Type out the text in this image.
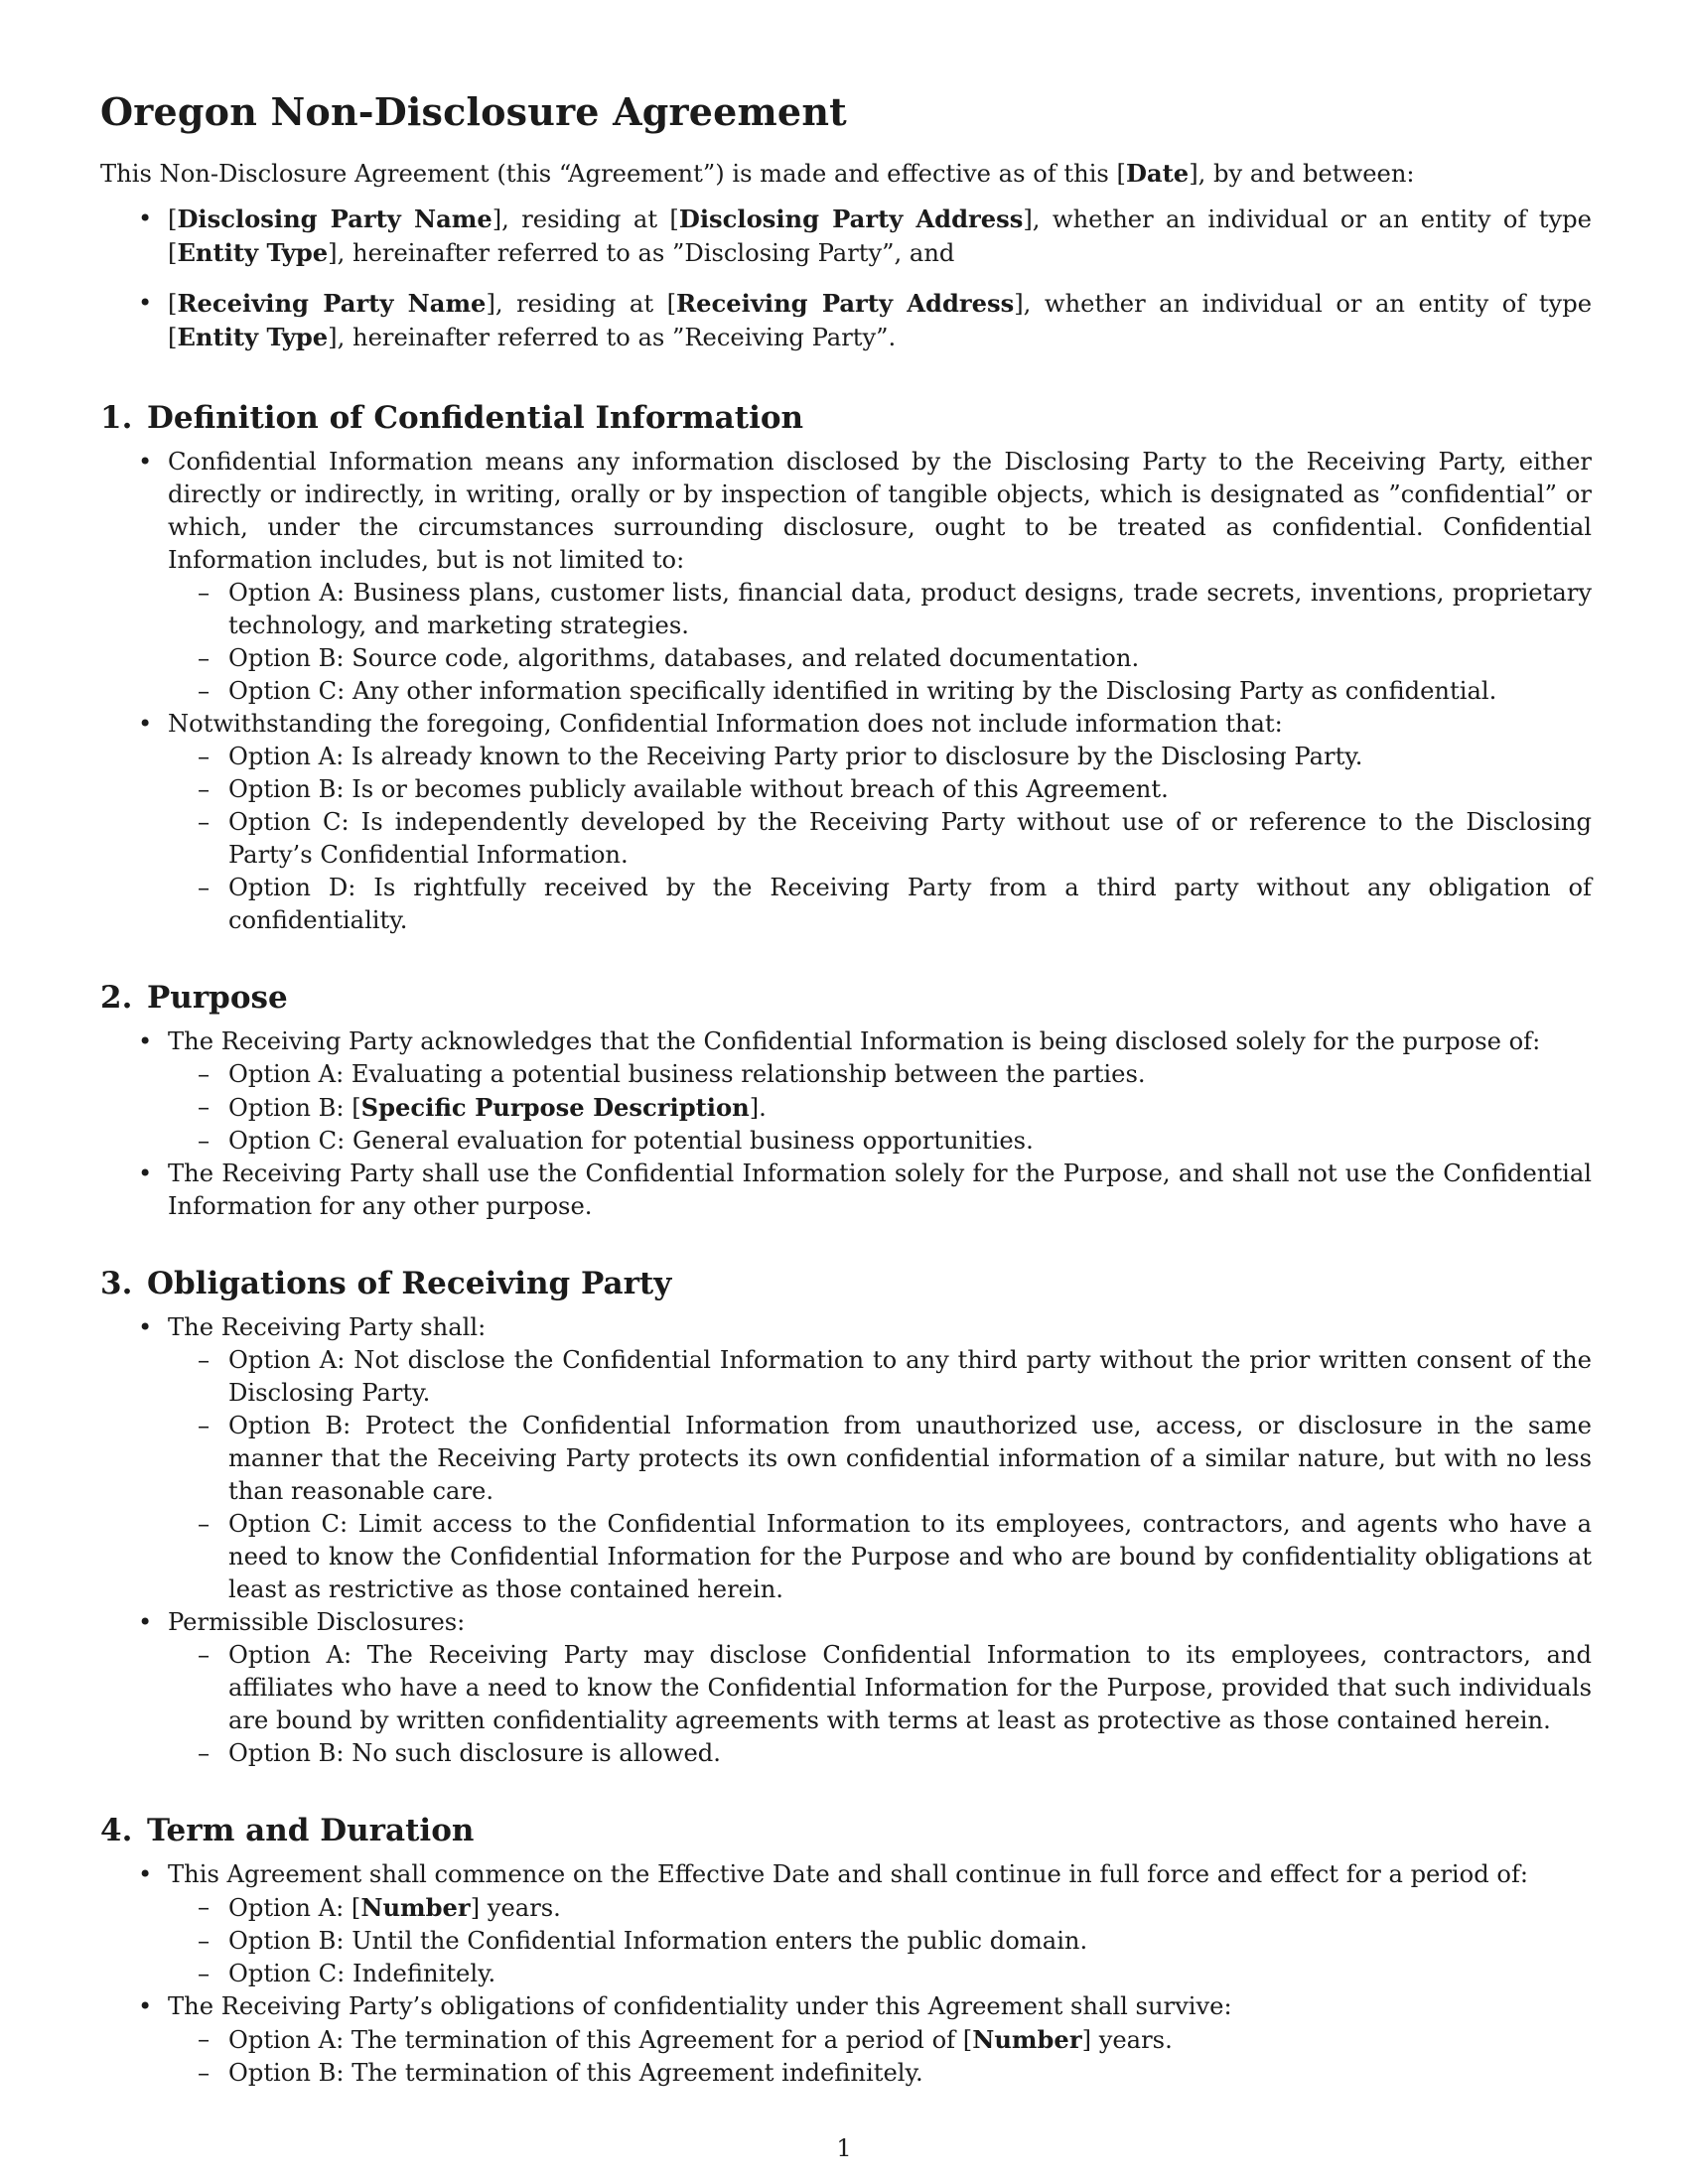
Oregon Non-Disclosure Agreement

This Non-Disclosure Agreement (this “Agreement”) is made and effective as of this [Date], by and between:

• [Disclosing Party Name], residing at [Disclosing Party Address], whether an individual or an entity of type [Entity Type], hereinafter referred to as ”Disclosing Party”, and
• [Receiving Party Name], residing at [Receiving Party Address], whether an individual or an entity of type [Entity Type], hereinafter referred to as ”Receiving Party”.
1. Definition of Confidential Information
• Confidential Information means any information disclosed by the Disclosing Party to the Receiving Party, either directly or indirectly, in writing, orally or by inspection of tangible objects, which is designated as ”confidential” or which, under the circumstances surrounding disclosure, ought to be treated as confidential. Confidential Information includes, but is not limited to:
– Option A: Business plans, customer lists, financial data, product designs, trade secrets, inventions, proprietary technology, and marketing strategies.
– Option B: Source code, algorithms, databases, and related documentation.
– Option C: Any other information specifically identified in writing by the Disclosing Party as confidential.
• Notwithstanding the foregoing, Confidential Information does not include information that:
– Option A: Is already known to the Receiving Party prior to disclosure by the Disclosing Party.
– Option B: Is or becomes publicly available without breach of this Agreement.
– Option C: Is independently developed by the Receiving Party without use of or reference to the Disclosing Party’s Confidential Information.
– Option D: Is rightfully received by the Receiving Party from a third party without any obligation of confidentiality.
2. Purpose
• The Receiving Party acknowledges that the Confidential Information is being disclosed solely for the purpose of:
– Option A: Evaluating a potential business relationship between the parties.
– Option B: [Specific Purpose Description].
– Option C: General evaluation for potential business opportunities.
• The Receiving Party shall use the Confidential Information solely for the Purpose, and shall not use the Confidential Information for any other purpose.
3. Obligations of Receiving Party
• The Receiving Party shall:
– Option A: Not disclose the Confidential Information to any third party without the prior written consent of the Disclosing Party.
– Option B: Protect the Confidential Information from unauthorized use, access, or disclosure in the same manner that the Receiving Party protects its own confidential information of a similar nature, but with no less than reasonable care.
– Option C: Limit access to the Confidential Information to its employees, contractors, and agents who have a need to know the Confidential Information for the Purpose and who are bound by confidentiality obligations at least as restrictive as those contained herein.
• Permissible Disclosures:
– Option A: The Receiving Party may disclose Confidential Information to its employees, contractors, and affiliates who have a need to know the Confidential Information for the Purpose, provided that such individuals are bound by written confidentiality agreements with terms at least as protective as those contained herein.
– Option B: No such disclosure is allowed.
4. Term and Duration
• This Agreement shall commence on the Effective Date and shall continue in full force and effect for a period of:
– Option A: [Number] years.
– Option B: Until the Confidential Information enters the public domain.
– Option C: Indefinitely.
• The Receiving Party’s obligations of confidentiality under this Agreement shall survive:
– Option A: The termination of this Agreement for a period of [Number] years.
– Option B: The termination of this Agreement indefinitely.
1
